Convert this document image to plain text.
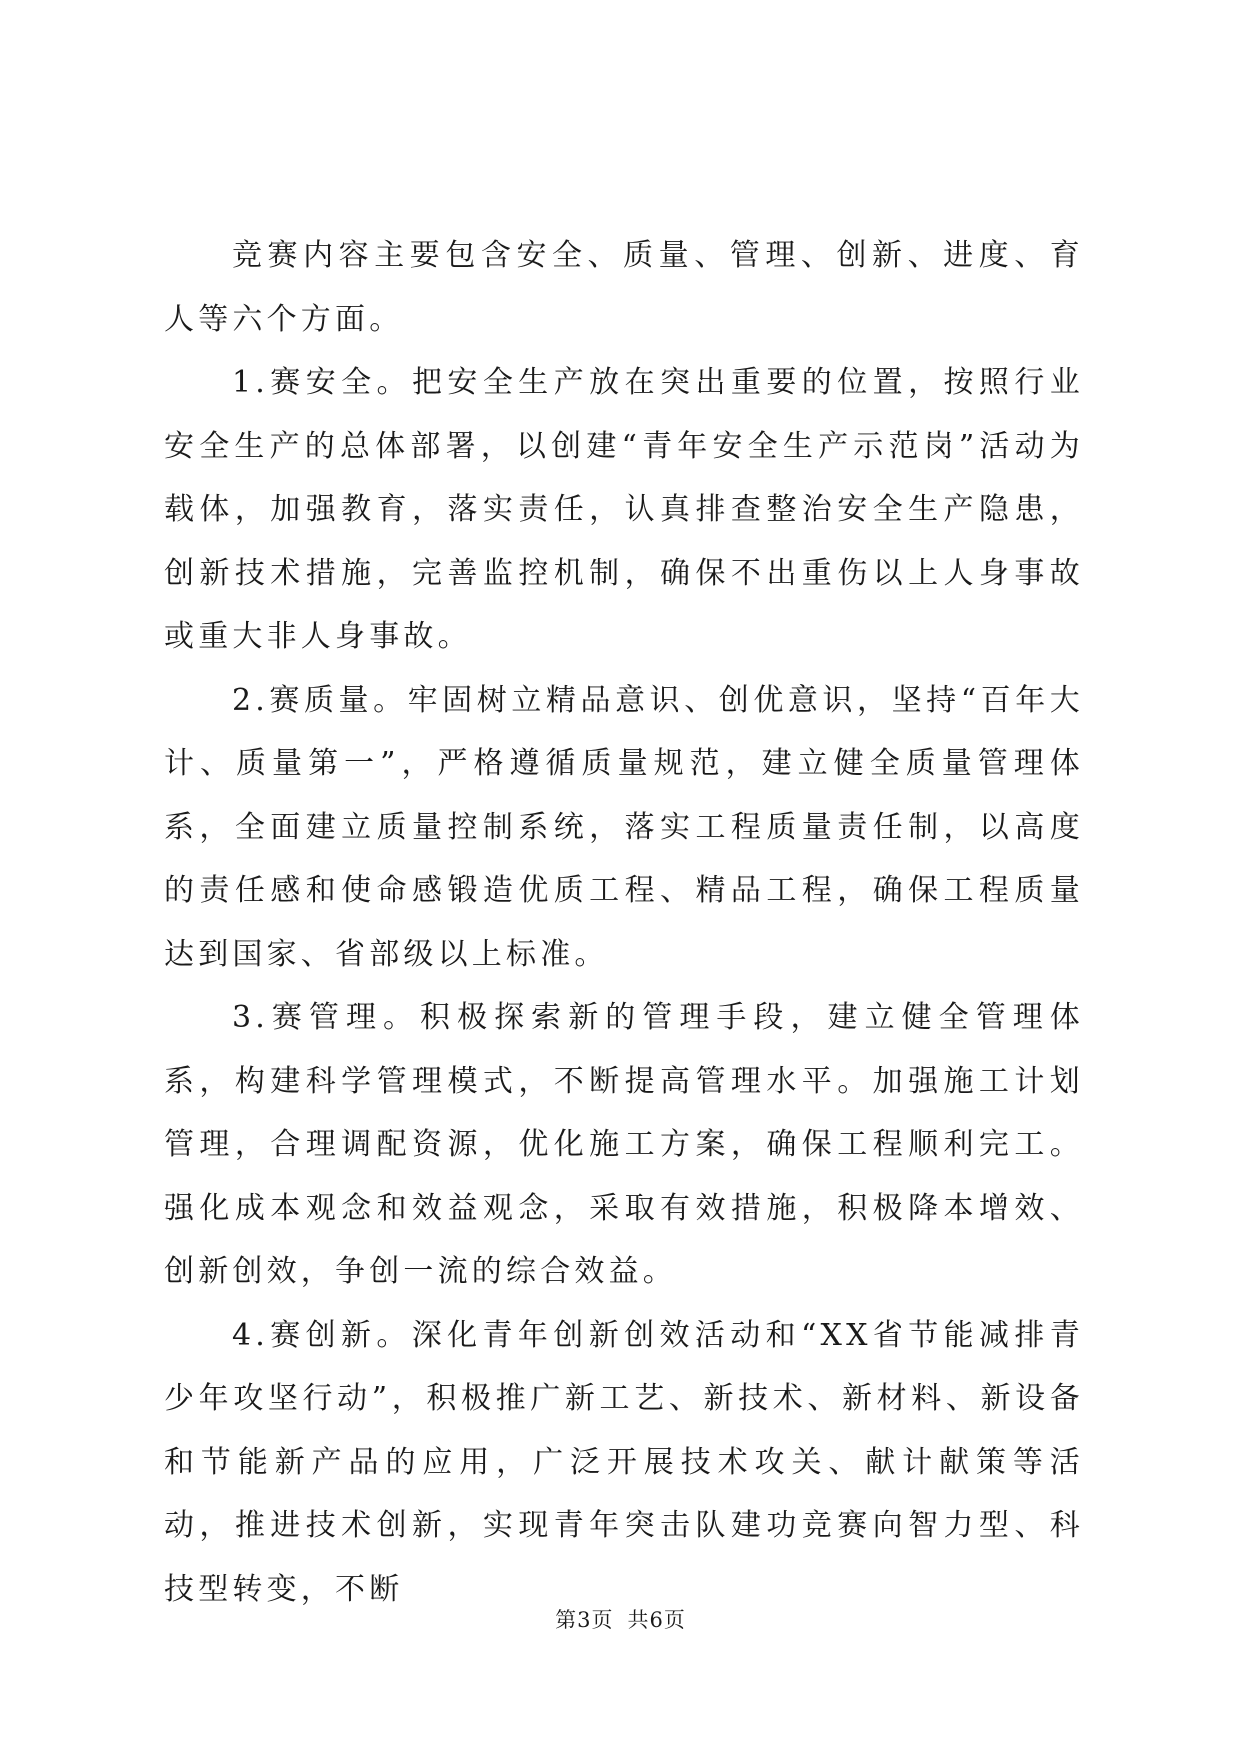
竞赛内容主要包含安全、质量、管理、创新、进度、育人等六个方面。

1.赛安全。把安全生产放在突出重要的位置，按照行业安全生产的总体部署，以创建“青年安全生产示范岗”活动为载体，加强教育，落实责任，认真排查整治安全生产隐患，创新技术措施，完善监控机制，确保不出重伤以上人身事故或重大非人身事故。

2.赛质量。牢固树立精品意识、创优意识，坚持“百年大计、质量第一”，严格遵循质量规范，建立健全质量管理体系，全面建立质量控制系统，落实工程质量责任制，以高度的责任感和使命感锻造优质工程、精品工程，确保工程质量达到国家、省部级以上标准。

3.赛管理。积极探索新的管理手段，建立健全管理体系，构建科学管理模式，不断提高管理水平。加强施工计划管理，合理调配资源，优化施工方案，确保工程顺利完工。强化成本观念和效益观念，采取有效措施，积极降本增效、创新创效，争创一流的综合效益。

4.赛创新。深化青年创新创效活动和“XX省节能减排青少年攻坚行动”，积极推广新工艺、新技术、新材料、新设备和节能新产品的应用，广泛开展技术攻关、献计献策等活动，推进技术创新，实现青年突击队建功竞赛向智力型、科技型转变，不断

第3页 共6页
